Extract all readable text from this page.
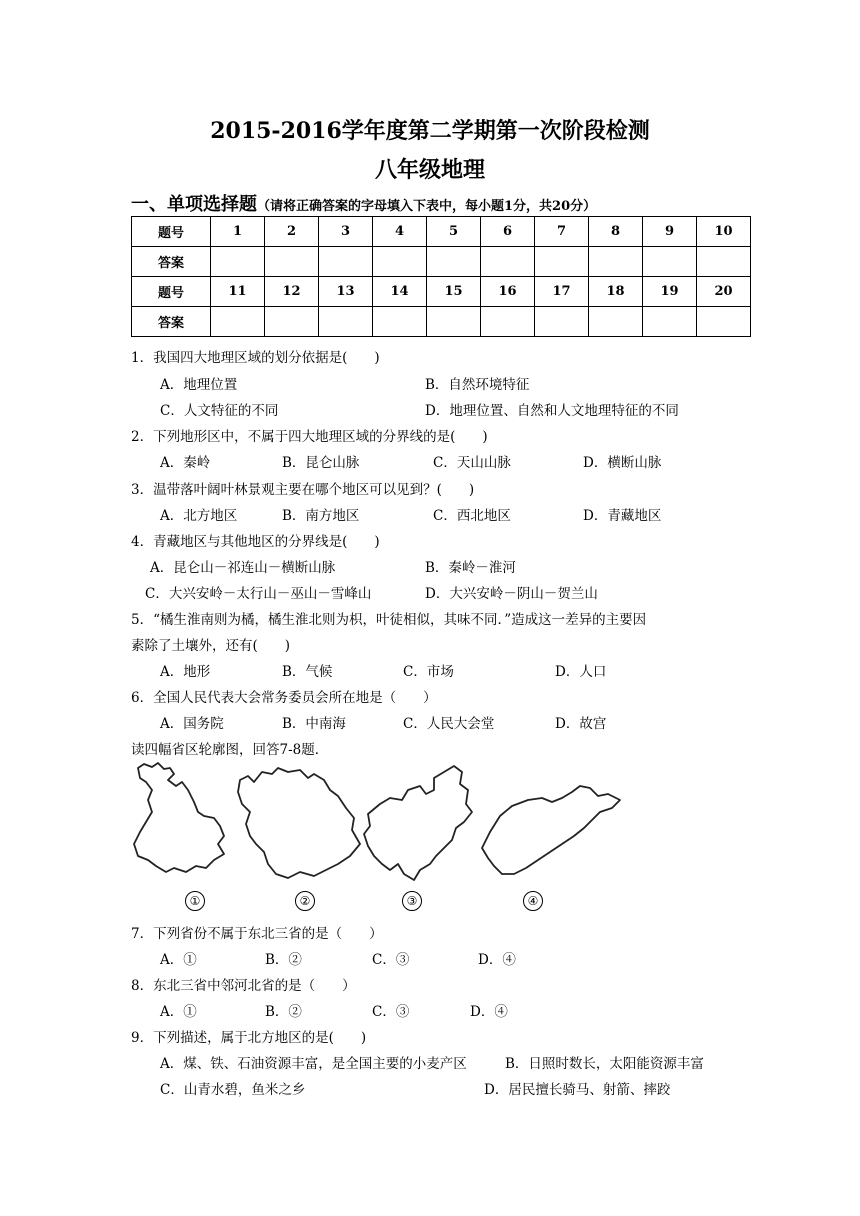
2015-2016学年度第二学期第一次阶段检测
八年级地理
一、单项选择题（请将正确答案的字母填入下表中，每小题1分，共20分）
题号	1	2	3	4	5	6	7	8	9	10
答案										
题号	11	12	13	14	15	16	17	18	19	20
答案										
1．我国四大地理区域的划分依据是(　　)
A．地理位置	B．自然环境特征
C．人文特征的不同	D．地理位置、自然和人文地理特征的不同
2．下列地形区中，不属于四大地理区域的分界线的是(　　)
A．秦岭	B．昆仑山脉	C．天山山脉	D．横断山脉
3．温带落叶阔叶林景观主要在哪个地区可以见到？(　　)
A．北方地区	B．南方地区	C．西北地区	D．青藏地区
4．青藏地区与其他地区的分界线是(　　)
A．昆仑山－祁连山－横断山脉	B．秦岭－淮河
C．大兴安岭－太行山－巫山－雪峰山	D．大兴安岭－阴山－贺兰山
5．“橘生淮南则为橘，橘生淮北则为枳，叶徒相似，其味不同．”造成这一差异的主要因
素除了土壤外，还有(　　)
A．地形	B．气候	C．市场	D．人口
6．全国人民代表大会常务委员会所在地是（　　）
A．国务院	B．中南海	C．人民大会堂	D．故宫
读四幅省区轮廓图，回答7-8题．
①	②	③	④
7．下列省份不属于东北三省的是（　　）
A．①	B．②	C．③	D．④
8．东北三省中邻河北省的是（　　）
A．①	B．②	C．③	D．④
9．下列描述，属于北方地区的是(　　)
A．煤、铁、石油资源丰富，是全国主要的小麦产区	B．日照时数长，太阳能资源丰富
C．山青水碧，鱼米之乡	D．居民擅长骑马、射箭、摔跤
